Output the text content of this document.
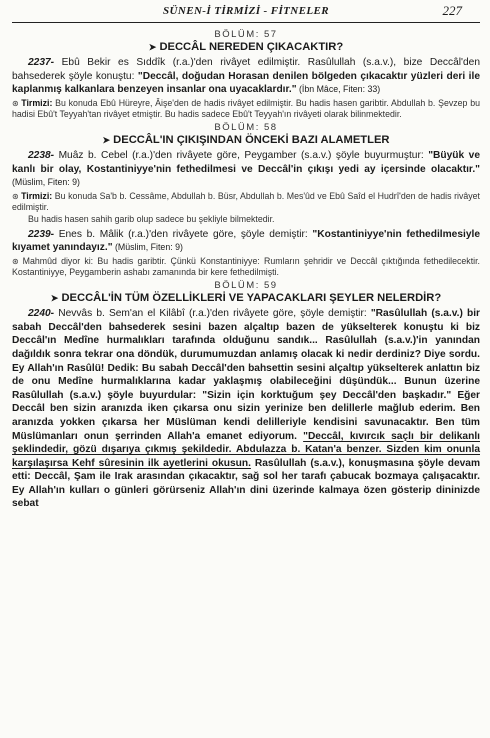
SÜNEN-İ TİRMİZİ - FİTNELER	227
BÖLÜM: 57
➤ DECCÂL NEREDEN ÇIKACAKTIR?

2237- Ebû Bekir es Sıddîk (r.a.)'den rivâyet edilmiştir. Rasûlullah (s.a.v.), bize Deccâl'den bahsederek şöyle konuştu: "Deccâl, doğudan Horasan denilen bölgeden çıkacaktır yüzleri deri ile kaplanmış kalkanlara benzeyen insanlar ona uyacaklardır." (İbn Mâce, Fiten: 33)

⊛ Tirmizi: Bu konuda Ebû Hüreyre, Âişe'den de hadis rivâyet edilmiştir. Bu hadis hasen garibtir. Abdullah b. Şevzep bu hadisi Ebû't Teyyah'tan rivâyet etmiştir. Bu hadis sadece Ebû't Teyyah'ın rivâyeti olarak bilinmektedir.

BÖLÜM: 58
➤ DECCÂL'IN ÇIKIŞINDAN ÖNCEKİ BAZI ALAMETLER

2238- Muâz b. Cebel (r.a.)'den rivâyete göre, Peygamber (s.a.v.) şöyle buyurmuştur: "Büyük ve kanlı bir olay, Kostantiniyye'nin fethedilmesi ve Deccâl'in çıkışı yedi ay içersinde olacaktır." (Müslim, Fiten: 9)

⊛ Tirmizi: Bu konuda Sa'b b. Cessâme, Abdullah b. Büsr, Abdullah b. Mes'ûd ve Ebû Saîd el Hudrî'den de hadis rivâyet edilmiştir.

Bu hadis hasen sahih garib olup sadece bu şekliyle bilmektedir.

2239- Enes b. Mâlik (r.a.)'den rivâyete göre, şöyle demiştir: "Kostantiniyye'nin fethedilmesiyle kıyamet yanındayız." (Müslim, Fiten: 9)

⊛ Mahmûd diyor ki: Bu hadis garibtir. Çünkü Konstantiniyye: Rumların şehridir ve Deccâl çıktığında fethedilecektir. Kostantiniyye, Peygamberin ashabı zamanında bir kere fethedilmişti.

BÖLÜM: 59
➤ DECCÂL'İN TÜM ÖZELLİKLERİ VE YAPACAKLARI ŞEYLER NELERDİR?

2240- Nevvâs b. Sem'an el Kilâbî (r.a.)'den rivâyete göre, şöyle demiştir: "Rasûlullah (s.a.v.) bir sabah Deccâl'den bahsederek sesini bazen alçaltıp bazen de yükselterek konuştu ki biz Deccâl'ın Medîne hurmalıkları tarafında olduğunu sandık... Rasûlullah (s.a.v.)'in yanından dağıldık sonra tekrar ona döndük, durumumuzdan anlamış olacak ki nedir derdiniz? Diye sordu. Ey Allah'ın Rasûlü! Dedik: Bu sabah Deccâl'den bahsettin sesini alçaltıp yükselterek anlattın biz de onu Medîne hurmalıklarına kadar yaklaşmış olabileceğini düşündük... Bunun üzerine Rasûlullah (s.a.v.) şöyle buyurdular: "Sizin için korktuğum şey Deccâl'den başkadır." Eğer Deccâl ben sizin aranızda iken çıkarsa onu sizin yerinize ben delillerle mağlub ederim. Ben aranızda yokken çıkarsa her Müslüman kendi delilleriyle kendisini savunacaktır. Ben tüm Müslümanları onun şerrinden Allah'a emanet ediyorum. "Deccâl, kıvırcık saçlı bir delikanlı şeklindedir, gözü dışarıya çıkmış şekildedir. Abdulazza b. Katan'a benzer. Sizden kim onunla karşılaşırsa Kehf sûresinin ilk ayetlerini okusun. Rasûlullah (s.a.v.), konuşmasına şöyle devam etti: Deccâl, Şam ile Irak arasından çıkacaktır, sağ sol her tarafı çabucak bozmaya çalışacaktır. Ey Allah'ın kulları o günleri görürseniz Allah'ın dini üzerinde kalmaya özen gösterip dininizde sebat
